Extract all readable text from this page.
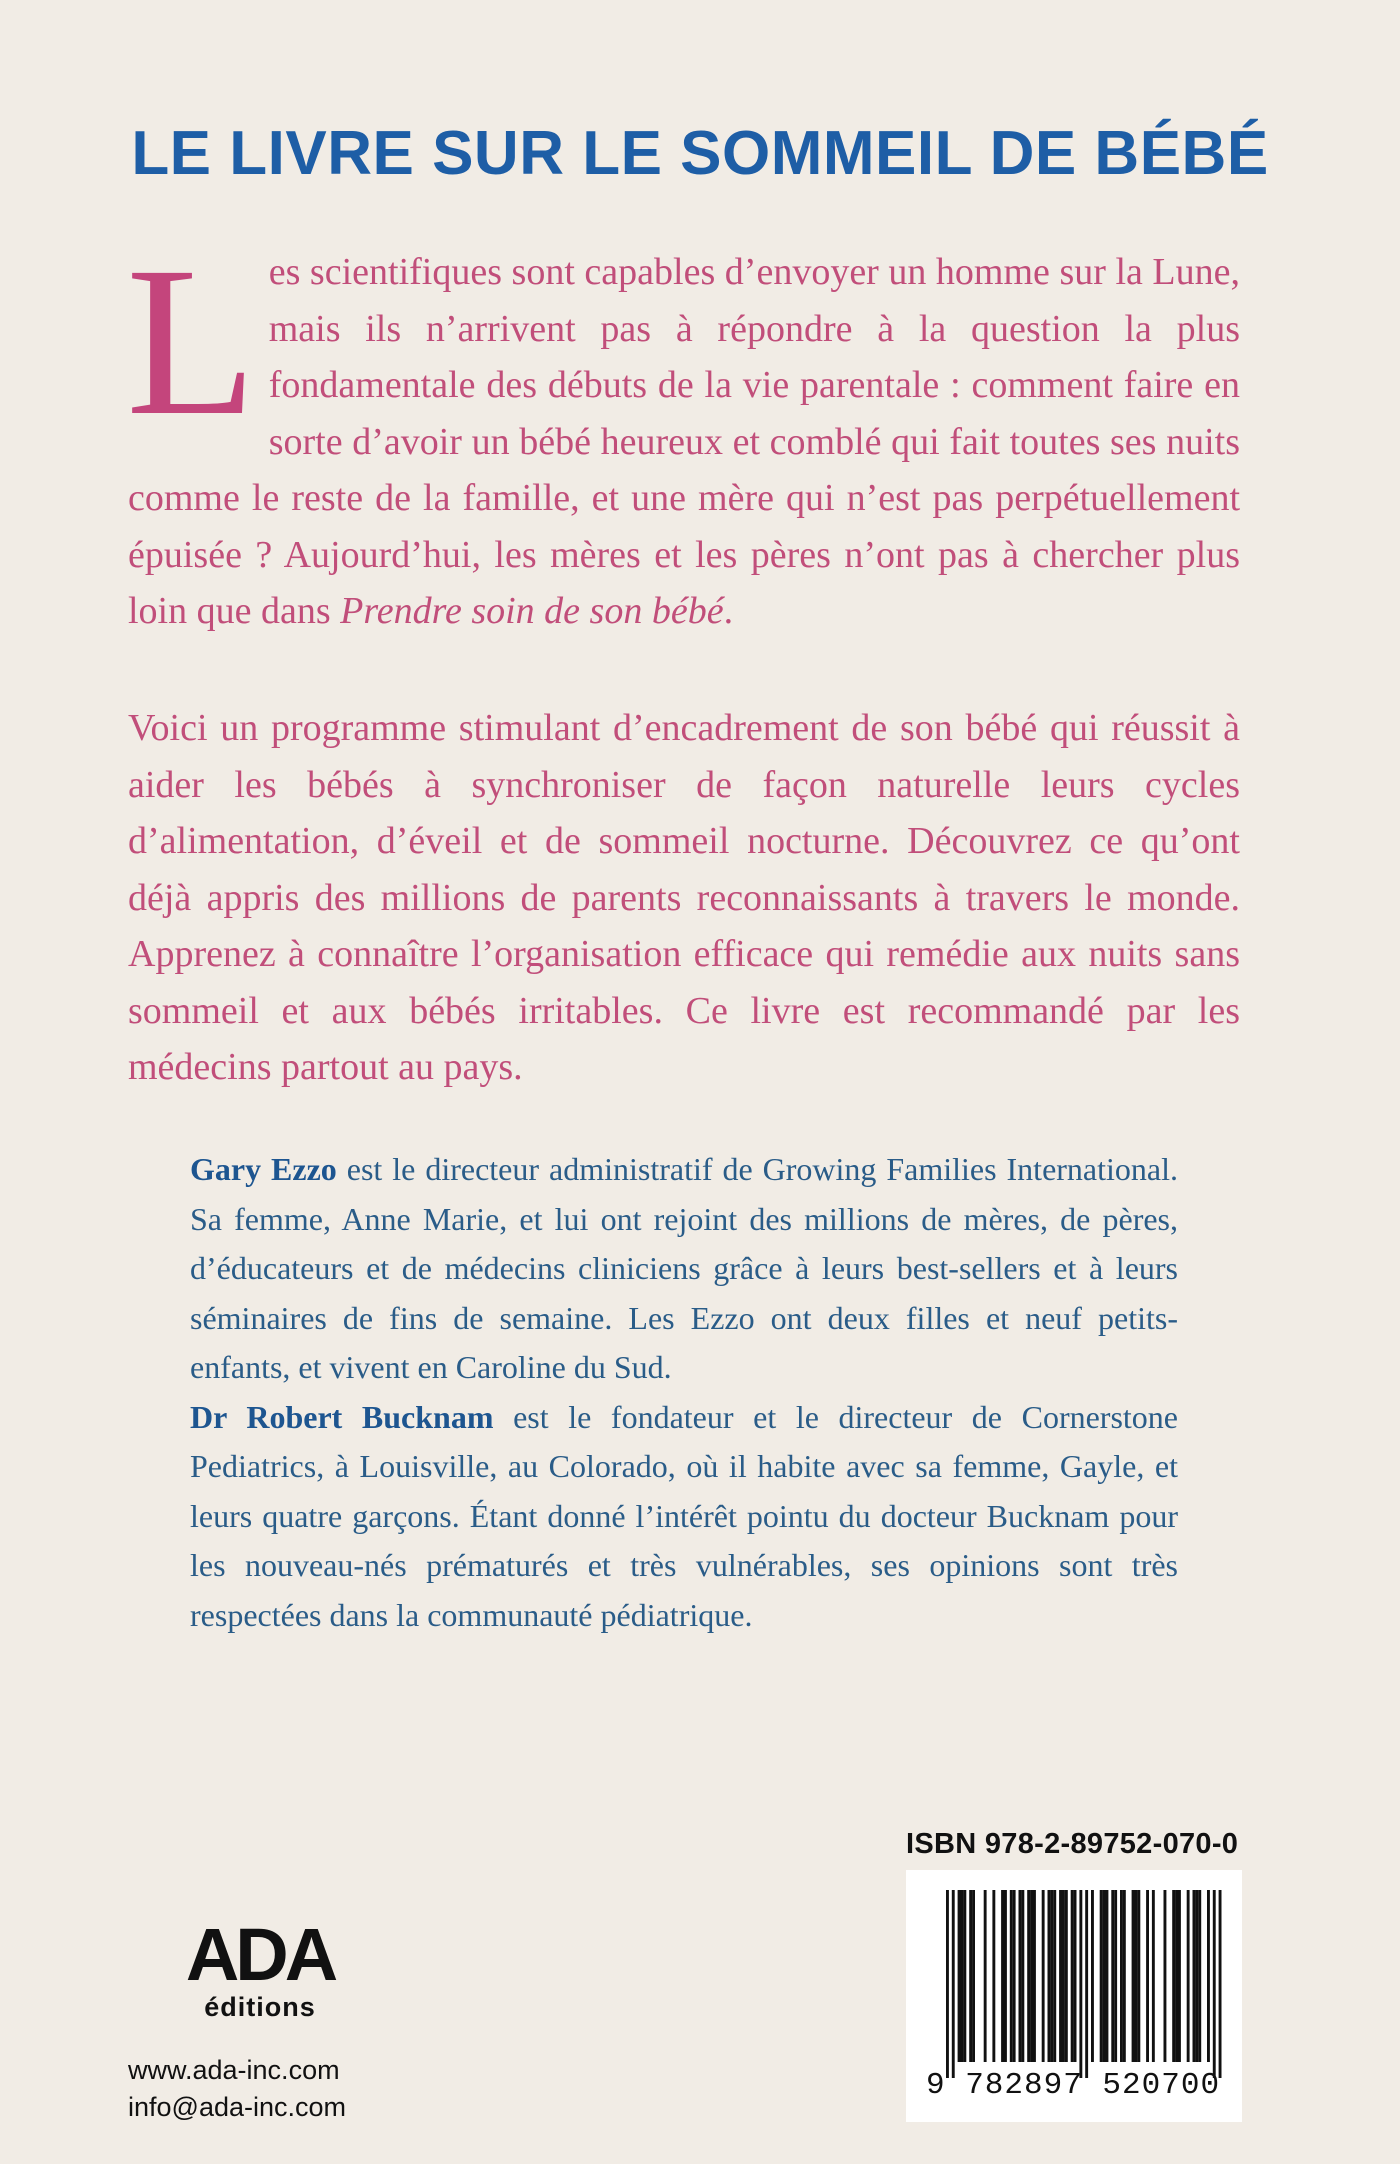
LE LIVRE SUR LE SOMMEIL DE BÉBÉ

Les scientifiques sont capables d’envoyer un homme sur la Lune, mais ils n’arrivent pas à répondre à la question la plus fondamentale des débuts de la vie parentale : comment faire en sorte d’avoir un bébé heureux et comblé qui fait toutes ses nuits comme le reste de la famille, et une mère qui n’est pas perpétuellement épuisée ? Aujourd’hui, les mères et les pères n’ont pas à chercher plus loin que dans Prendre soin de son bébé.

Voici un programme stimulant d’encadrement de son bébé qui réussit à aider les bébés à synchroniser de façon naturelle leurs cycles d’alimentation, d’éveil et de sommeil nocturne. Découvrez ce qu’ont déjà appris des millions de parents reconnaissants à travers le monde. Apprenez à connaître l’organisation efficace qui remédie aux nuits sans sommeil et aux bébés irritables. Ce livre est recommandé par les médecins partout au pays.

Gary Ezzo est le directeur administratif de Growing Families International. Sa femme, Anne Marie, et lui ont rejoint des millions de mères, de pères, d’éducateurs et de médecins cliniciens grâce à leurs best-sellers et à leurs séminaires de fins de semaine. Les Ezzo ont deux filles et neuf petits-enfants, et vivent en Caroline du Sud.
Dr Robert Bucknam est le fondateur et le directeur de Cornerstone Pediatrics, à Louisville, au Colorado, où il habite avec sa femme, Gayle, et leurs quatre garçons. Étant donné l’intérêt pointu du docteur Bucknam pour les nouveau-nés prématurés et très vulnérables, ses opinions sont très respectées dans la communauté pédiatrique.

ADA
éditions

www.ada-inc.com

info@ada-inc.com

ISBN 978-2-89752-070-0

9 782897 520700
